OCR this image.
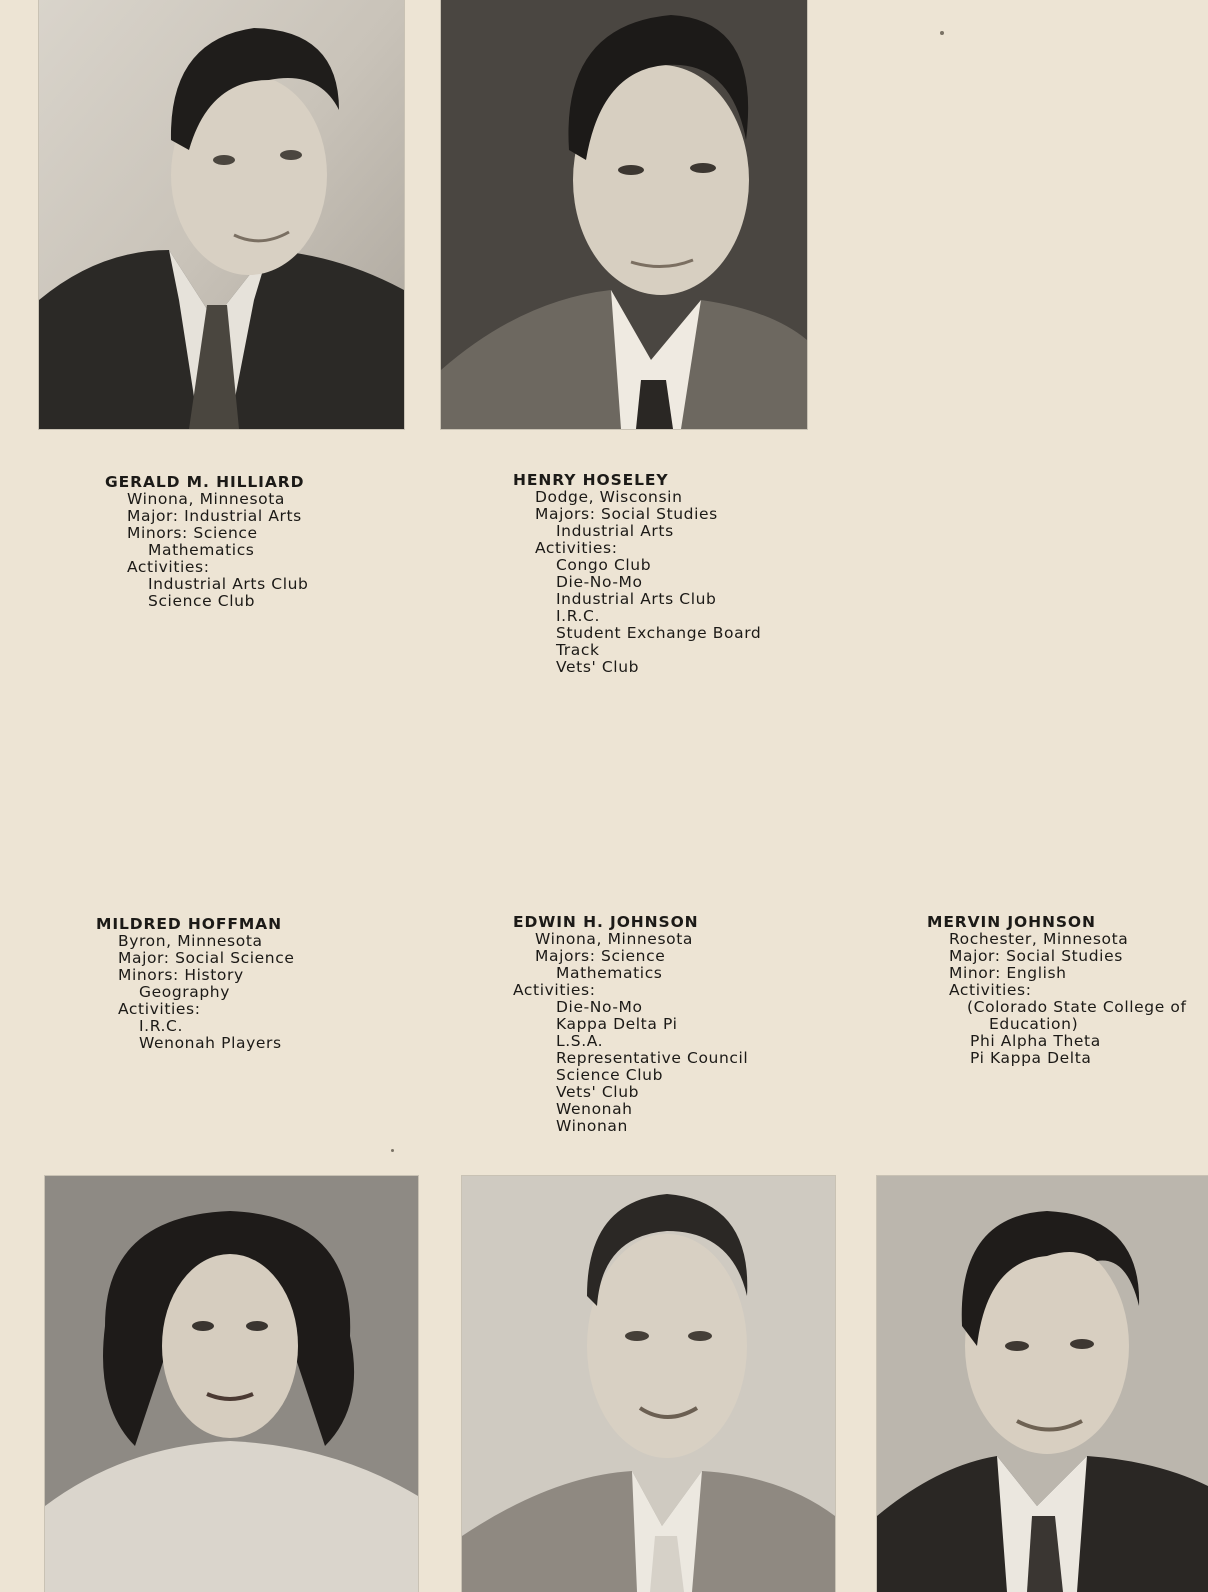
GERALD M. HILLIARD
Winona, Minnesota
Major: Industrial Arts
Minors: Science
Mathematics
Activities:
Industrial Arts Club
Science Club
HENRY HOSELEY
Dodge, Wisconsin
Majors: Social Studies
Industrial Arts
Activities:
Congo Club
Die-No-Mo
Industrial Arts Club
I.R.C.
Student Exchange Board
Track
Vets' Club
MILDRED HOFFMAN
Byron, Minnesota
Major: Social Science
Minors: History
Geography
Activities:
I.R.C.
Wenonah Players
EDWIN H. JOHNSON
Winona, Minnesota
Majors: Science
Mathematics
Activities:
Die-No-Mo
Kappa Delta Pi
L.S.A.
Representative Council
Science Club
Vets' Club
Wenonah
Winonan
MERVIN JOHNSON
Rochester, Minnesota
Major: Social Studies
Minor: English
Activities:
(Colorado State College of
Education)
Phi Alpha Theta
Pi Kappa Delta
